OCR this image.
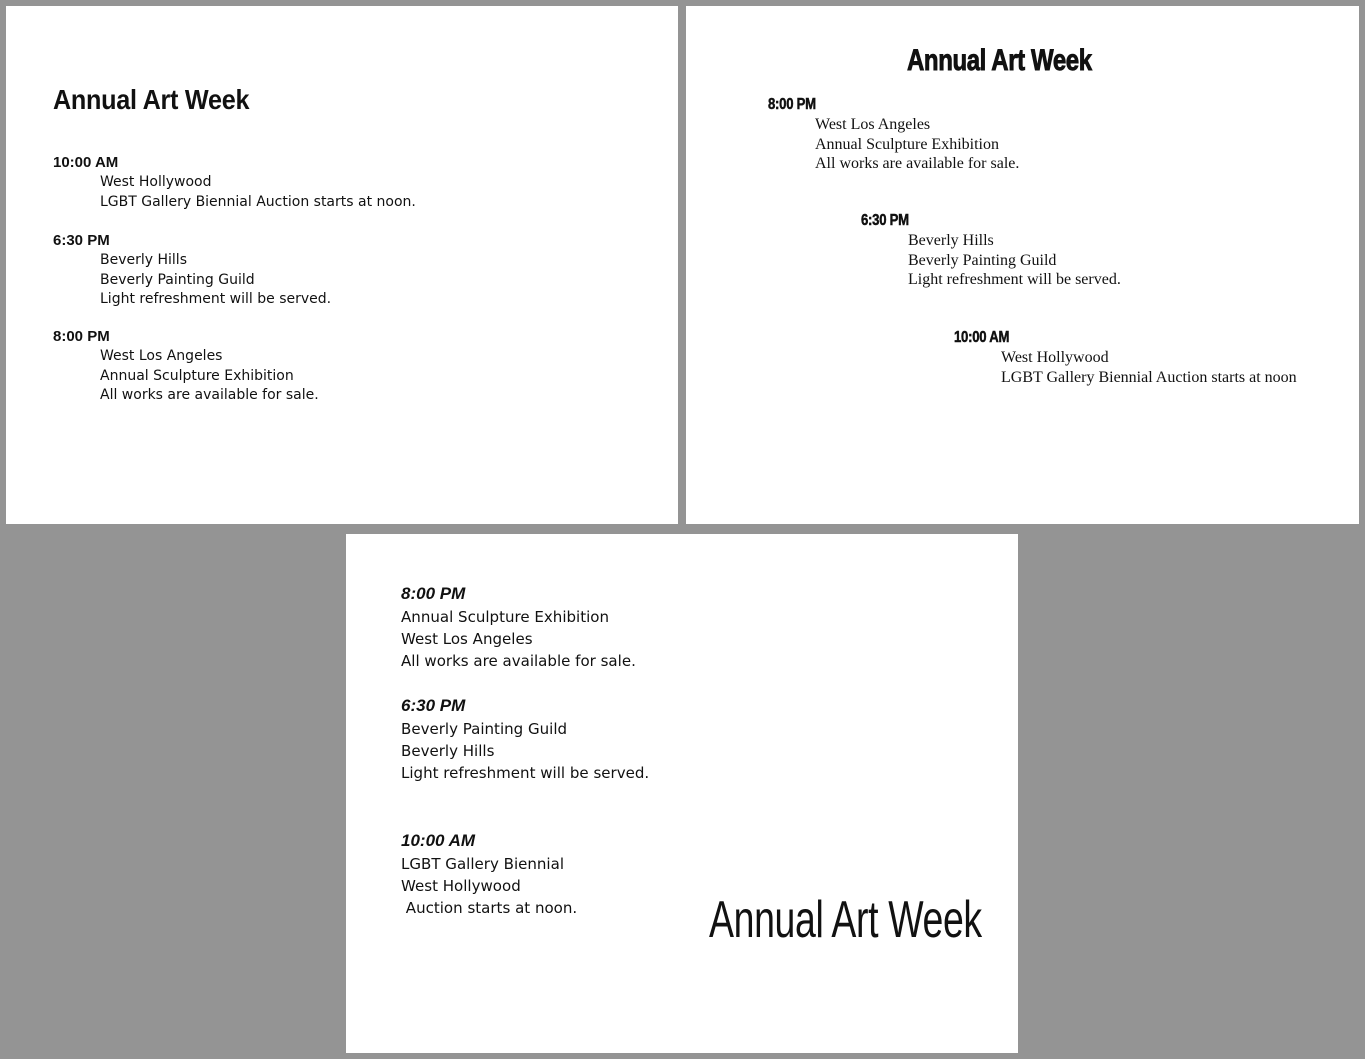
Annual Art Week
10:00 AM
West Hollywood
LGBT Gallery Biennial Auction starts at noon.
6:30 PM
Beverly Hills
Beverly Painting Guild
Light refreshment will be served.
8:00 PM
West Los Angeles
Annual Sculpture Exhibition
All works are available for sale.
Annual Art Week
8:00 PM
West Los Angeles
Annual Sculpture Exhibition
All works are available for sale.
6:30 PM
Beverly Hills
Beverly Painting Guild
Light refreshment will be served.
10:00 AM
West Hollywood
LGBT Gallery Biennial Auction starts at noon
8:00 PM
Annual Sculpture Exhibition
West Los Angeles
All works are available for sale.
6:30 PM
Beverly Painting Guild
Beverly Hills
Light refreshment will be served.
10:00 AM
LGBT Gallery Biennial
West Hollywood
Auction starts at noon.	Annual Art Week
